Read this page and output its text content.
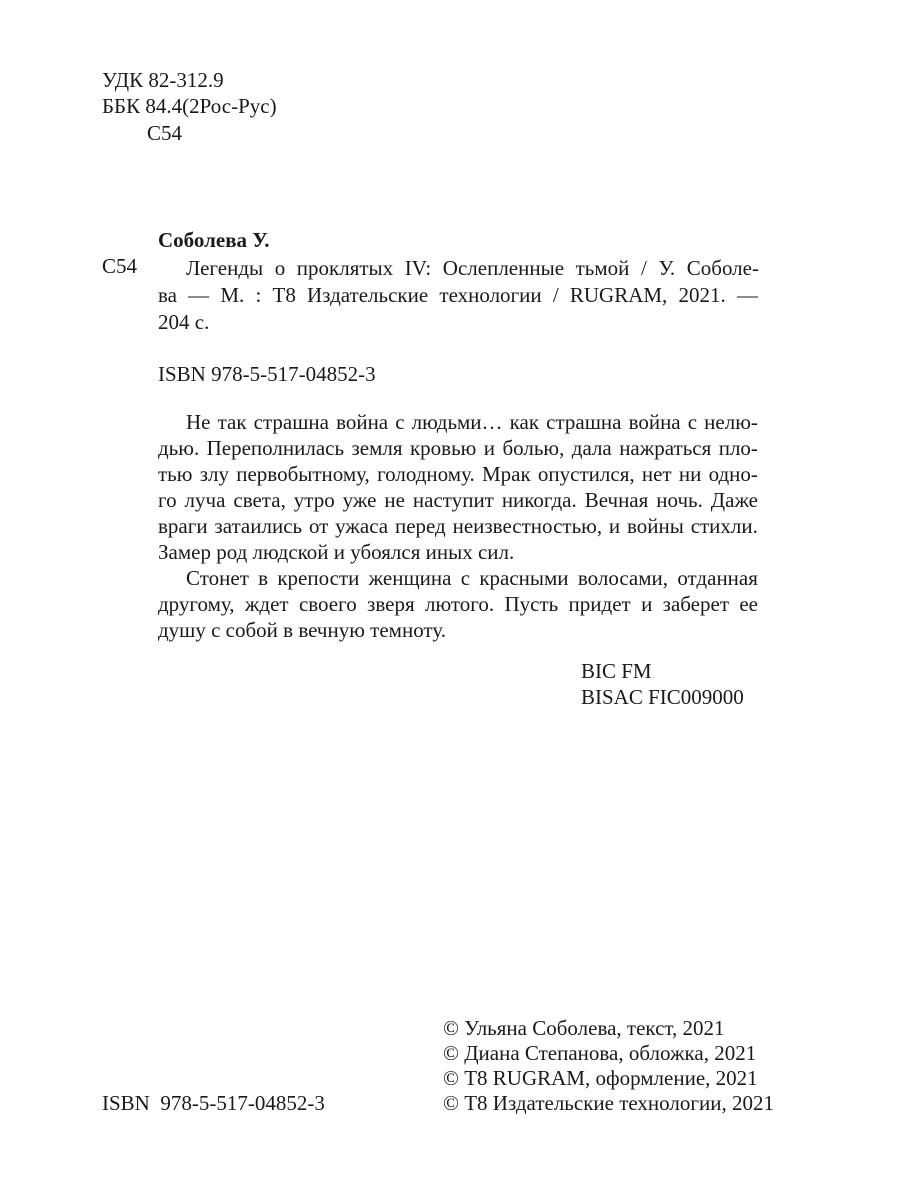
УДК 82-312.9
ББК 84.4(2Рос-Рус)
С54
Соболева У.
С54 Легенды о проклятых IV: Ослепленные тьмой / У. Соболе-
ва — М. : Т8 Издательские технологии / RUGRAM, 2021. —
204 с.
ISBN 978-5-517-04852-3
Не так страшна война с людьми… как страшна война с нелю-
дью. Переполнилась земля кровью и болью, дала нажраться пло-
тью злу первобытному, голодному. Мрак опустился, нет ни одно-
го луча света, утро уже не наступит никогда. Вечная ночь. Даже
враги затаились от ужаса перед неизвестностью, и войны стихли.
Замер род людской и убоялся иных сил.
Стонет в крепости женщина с красными волосами, отданная
другому, ждет своего зверя лютого. Пусть придет и заберет ее
душу с собой в вечную темноту.
BIC FM
BISAC FIC009000
© Ульяна Соболева, текст, 2021
© Диана Степанова, обложка, 2021
© Т8 RUGRAM, оформление, 2021
© Т8 Издательские технологии, 2021
ISBN  978-5-517-04852-3
